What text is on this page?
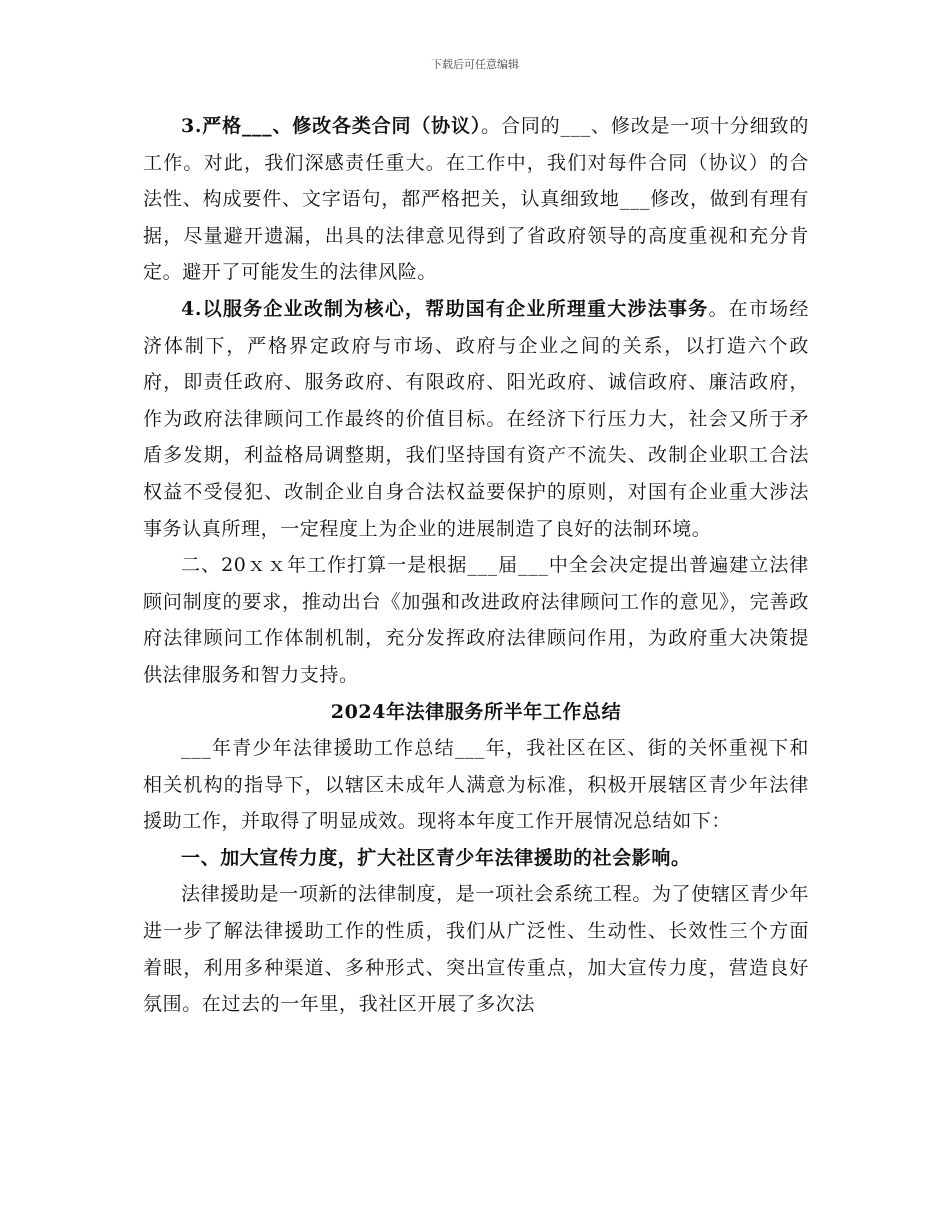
下载后可任意编辑

3.严格___、修改各类合同（协议）。合同的___、修改是一项十分细致的工作。对此，我们深感责任重大。在工作中，我们对每件合同（协议）的合法性、构成要件、文字语句，都严格把关，认真细致地___修改，做到有理有据，尽量避开遗漏，出具的法律意见得到了省政府领导的高度重视和充分肯定。避开了可能发生的法律风险。

4.以服务企业改制为核心，帮助国有企业所理重大涉法事务。在市场经济体制下，严格界定政府与市场、政府与企业之间的关系，以打造六个政府，即责任政府、服务政府、有限政府、阳光政府、诚信政府、廉洁政府，作为政府法律顾问工作最终的价值目标。在经济下行压力大，社会又所于矛盾多发期，利益格局调整期，我们坚持国有资产不流失、改制企业职工合法权益不受侵犯、改制企业自身合法权益要保护的原则，对国有企业重大涉法事务认真所理，一定程度上为企业的进展制造了良好的法制环境。

二、20ｘｘ年工作打算一是根据___届___中全会决定提出普遍建立法律顾问制度的要求，推动出台《加强和改进政府法律顾问工作的意见》，完善政府法律顾问工作体制机制，充分发挥政府法律顾问作用，为政府重大决策提供法律服务和智力支持。

2024年法律服务所半年工作总结

___年青少年法律援助工作总结___年，我社区在区、街的关怀重视下和相关机构的指导下，以辖区未成年人满意为标准，积极开展辖区青少年法律援助工作，并取得了明显成效。现将本年度工作开展情况总结如下：

一、加大宣传力度，扩大社区青少年法律援助的社会影响。

法律援助是一项新的法律制度，是一项社会系统工程。为了使辖区青少年进一步了解法律援助工作的性质，我们从广泛性、生动性、长效性三个方面着眼，利用多种渠道、多种形式、突出宣传重点，加大宣传力度，营造良好氛围。在过去的一年里，我社区开展了多次法
